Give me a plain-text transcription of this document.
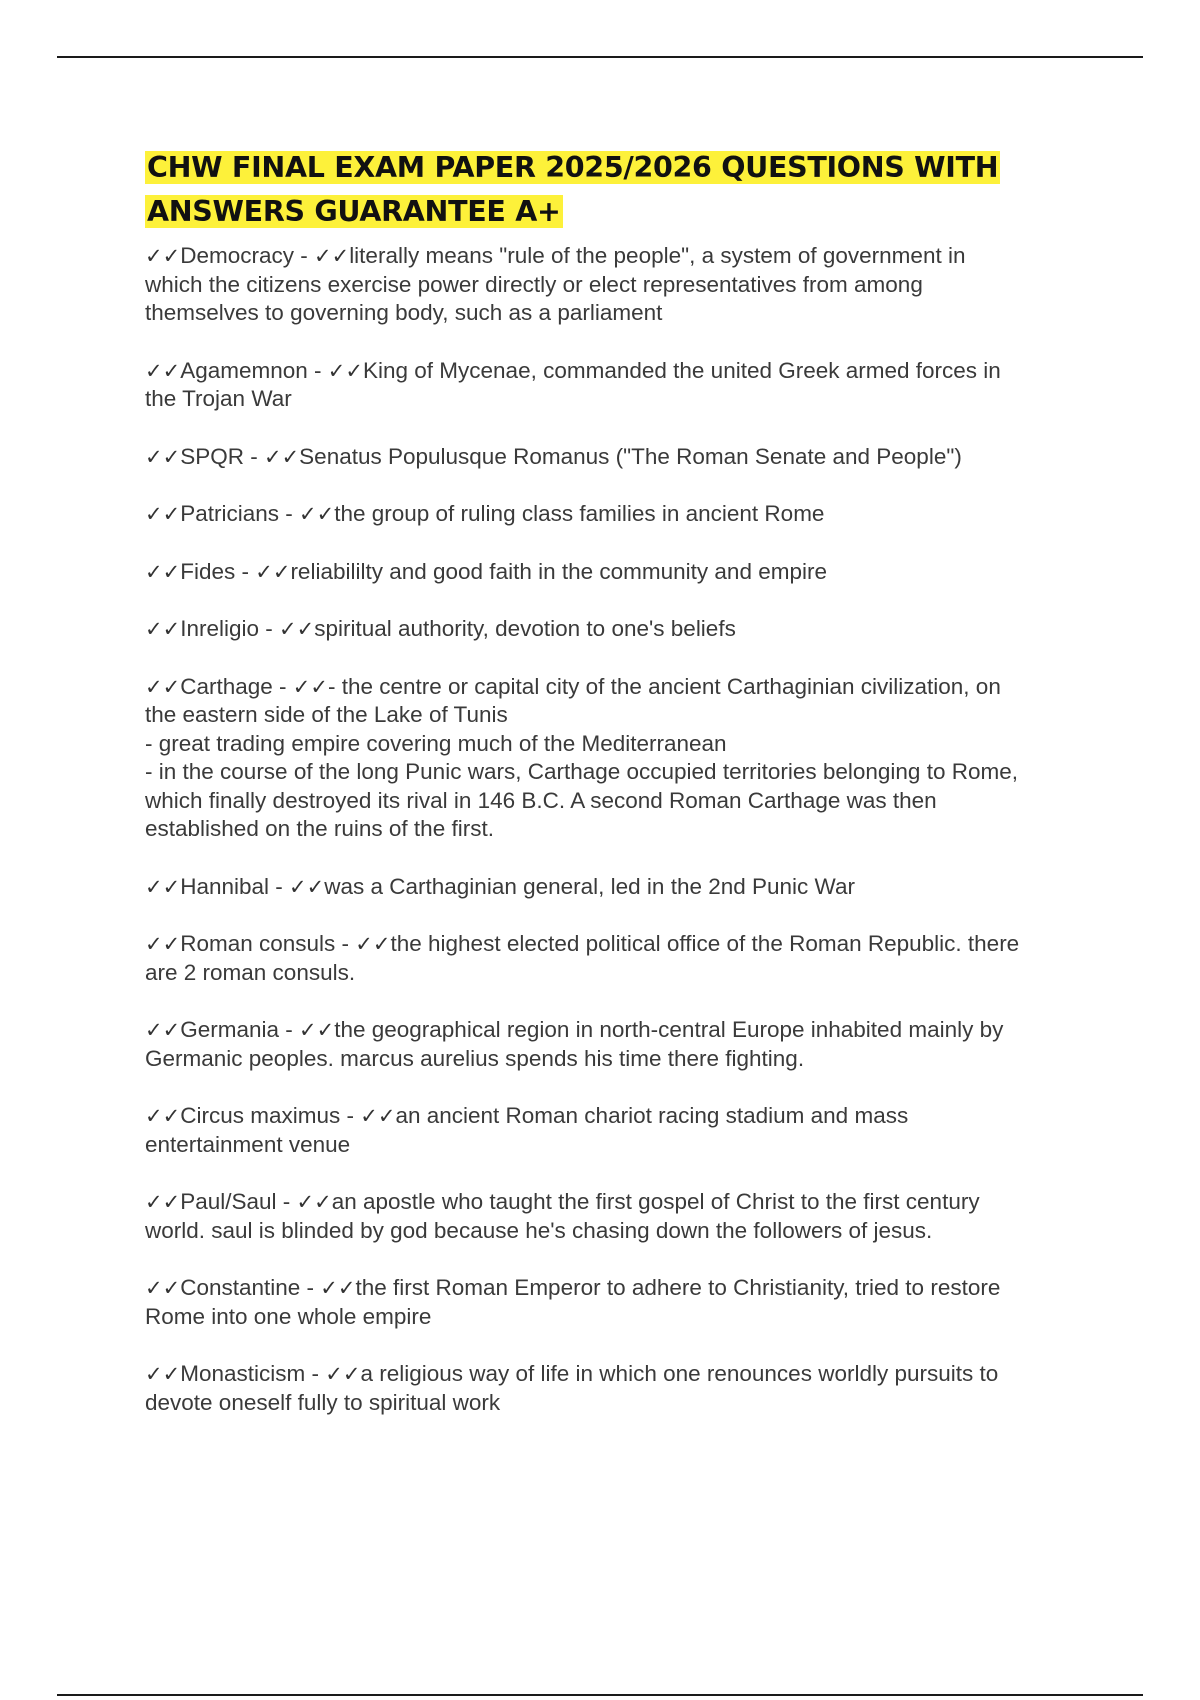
CHW FINAL EXAM PAPER 2025/2026 QUESTIONS WITH
ANSWERS GUARANTEE A+
✓✓Democracy - ✓✓literally means "rule of the people", a system of government in
which the citizens exercise power directly or elect representatives from among
themselves to governing body, such as a parliament
✓✓Agamemnon - ✓✓King of Mycenae, commanded the united Greek armed forces in
the Trojan War
✓✓SPQR - ✓✓Senatus Populusque Romanus ("The Roman Senate and People")
✓✓Patricians - ✓✓the group of ruling class families in ancient Rome
✓✓Fides - ✓✓reliabililty and good faith in the community and empire
✓✓Inreligio - ✓✓spiritual authority, devotion to one's beliefs
✓✓Carthage - ✓✓- the centre or capital city of the ancient Carthaginian civilization, on
the eastern side of the Lake of Tunis
- great trading empire covering much of the Mediterranean
- in the course of the long Punic wars, Carthage occupied territories belonging to Rome,
which finally destroyed its rival in 146 B.C. A second Roman Carthage was then
established on the ruins of the first.
✓✓Hannibal - ✓✓was a Carthaginian general, led in the 2nd Punic War
✓✓Roman consuls - ✓✓the highest elected political office of the Roman Republic. there
are 2 roman consuls.
✓✓Germania - ✓✓the geographical region in north-central Europe inhabited mainly by
Germanic peoples. marcus aurelius spends his time there fighting.
✓✓Circus maximus - ✓✓an ancient Roman chariot racing stadium and mass
entertainment venue
✓✓Paul/Saul - ✓✓an apostle who taught the first gospel of Christ to the first century
world. saul is blinded by god because he's chasing down the followers of jesus.
✓✓Constantine - ✓✓the first Roman Emperor to adhere to Christianity, tried to restore
Rome into one whole empire
✓✓Monasticism - ✓✓a religious way of life in which one renounces worldly pursuits to
devote oneself fully to spiritual work
